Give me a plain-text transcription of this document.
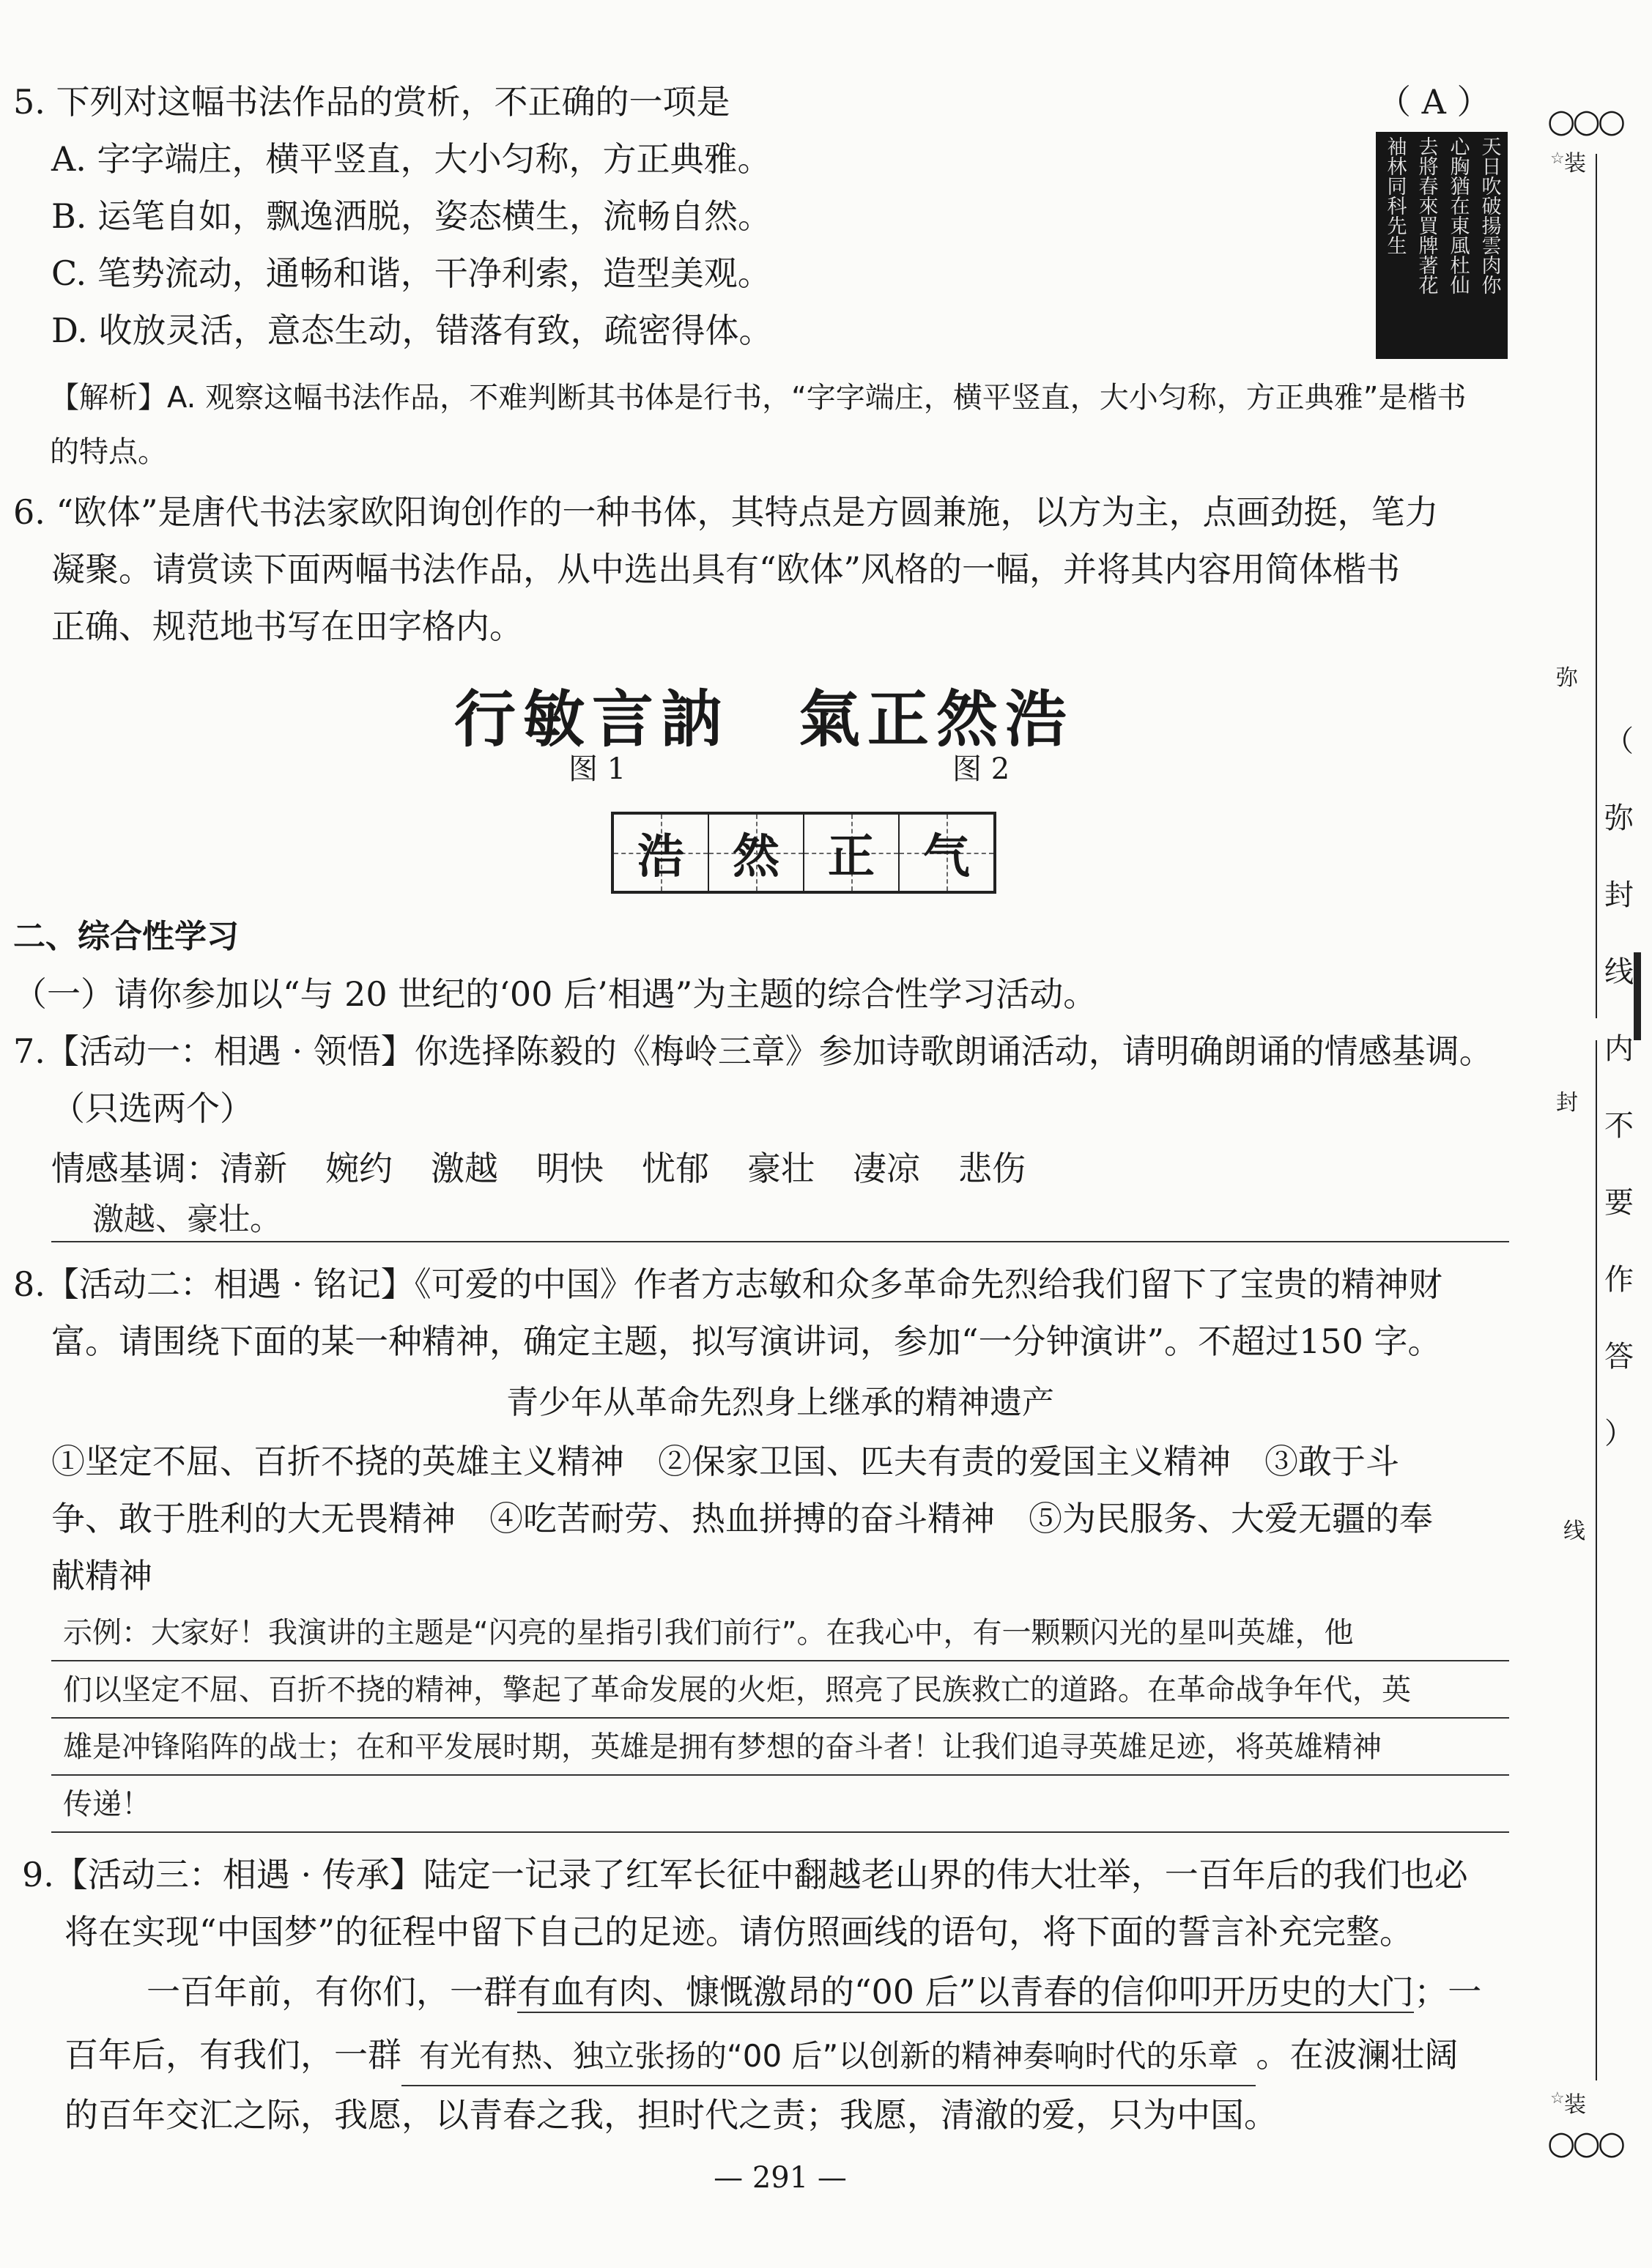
5. 下列对这幅书法作品的赏析，不正确的一项是	（ A ）
A. 字字端庄，横平竖直，大小匀称，方正典雅。
B. 运笔自如，飘逸洒脱，姿态横生，流畅自然。
C. 笔势流动，通畅和谐，干净利索，造型美观。
D. 收放灵活，意态生动，错落有致，疏密得体。
天日吹破揚雲肉你
心胸猶在東風杜仙
去將春來買牌著花
袖林同科先生
【解析】A. 观察这幅书法作品，不难判断其书体是行书，“字字端庄，横平竖直，大小匀称，方正典雅”是楷书
的特点。
6. “欧体”是唐代书法家欧阳询创作的一种书体，其特点是方圆兼施，以方为主，点画劲挺，笔力
凝聚。请赏读下面两幅书法作品，从中选出具有“欧体”风格的一幅，并将其内容用简体楷书
正确、规范地书写在田字格内。
行敏言訥 氣正然浩
图 1	图 2
浩 然 正 气
二、综合性学习
（一）请你参加以“与 20 世纪的‘00 后’相遇”为主题的综合性学习活动。
7.【活动一：相遇 · 领悟】你选择陈毅的《梅岭三章》参加诗歌朗诵活动，请明确朗诵的情感基调。
（只选两个）
情感基调：清新 婉约 激越 明快 忧郁 豪壮 凄凉 悲伤
激越、豪壮。
8.【活动二：相遇 · 铭记】《可爱的中国》作者方志敏和众多革命先烈给我们留下了宝贵的精神财
富。请围绕下面的某一种精神，确定主题，拟写演讲词，参加“一分钟演讲”。不超过150 字。
青少年从革命先烈身上继承的精神遗产
①坚定不屈、百折不挠的英雄主义精神　②保家卫国、匹夫有责的爱国主义精神　③敢于斗
争、敢于胜利的大无畏精神　④吃苦耐劳、热血拼搏的奋斗精神　⑤为民服务、大爱无疆的奉
献精神
示例：大家好！我演讲的主题是“闪亮的星指引我们前行”。在我心中，有一颗颗闪光的星叫英雄，他
们以坚定不屈、百折不挠的精神，擎起了革命发展的火炬，照亮了民族救亡的道路。在革命战争年代，英
雄是冲锋陷阵的战士；在和平发展时期，英雄是拥有梦想的奋斗者！让我们追寻英雄足迹，将英雄精神
传递！
9.【活动三：相遇 · 传承】陆定一记录了红军长征中翻越老山界的伟大壮举，一百年后的我们也必
将在实现“中国梦”的征程中留下自己的足迹。请仿照画线的语句，将下面的誓言补充完整。
一百年前，有你们，一群有血有肉、慷慨激昂的“00 后”以青春的信仰叩开历史的大门；一
百年后，有我们，一群 有光有热、独立张扬的“00 后”以创新的精神奏响时代的乐章 。在波澜壮阔
的百年交汇之际，我愿，以青春之我，担时代之责；我愿，清澈的爱，只为中国。
— 291 —
○○○
装
☆
弥
封
线
（
弥
封
线
内
不
要
作
答
）
装
☆
○○○
